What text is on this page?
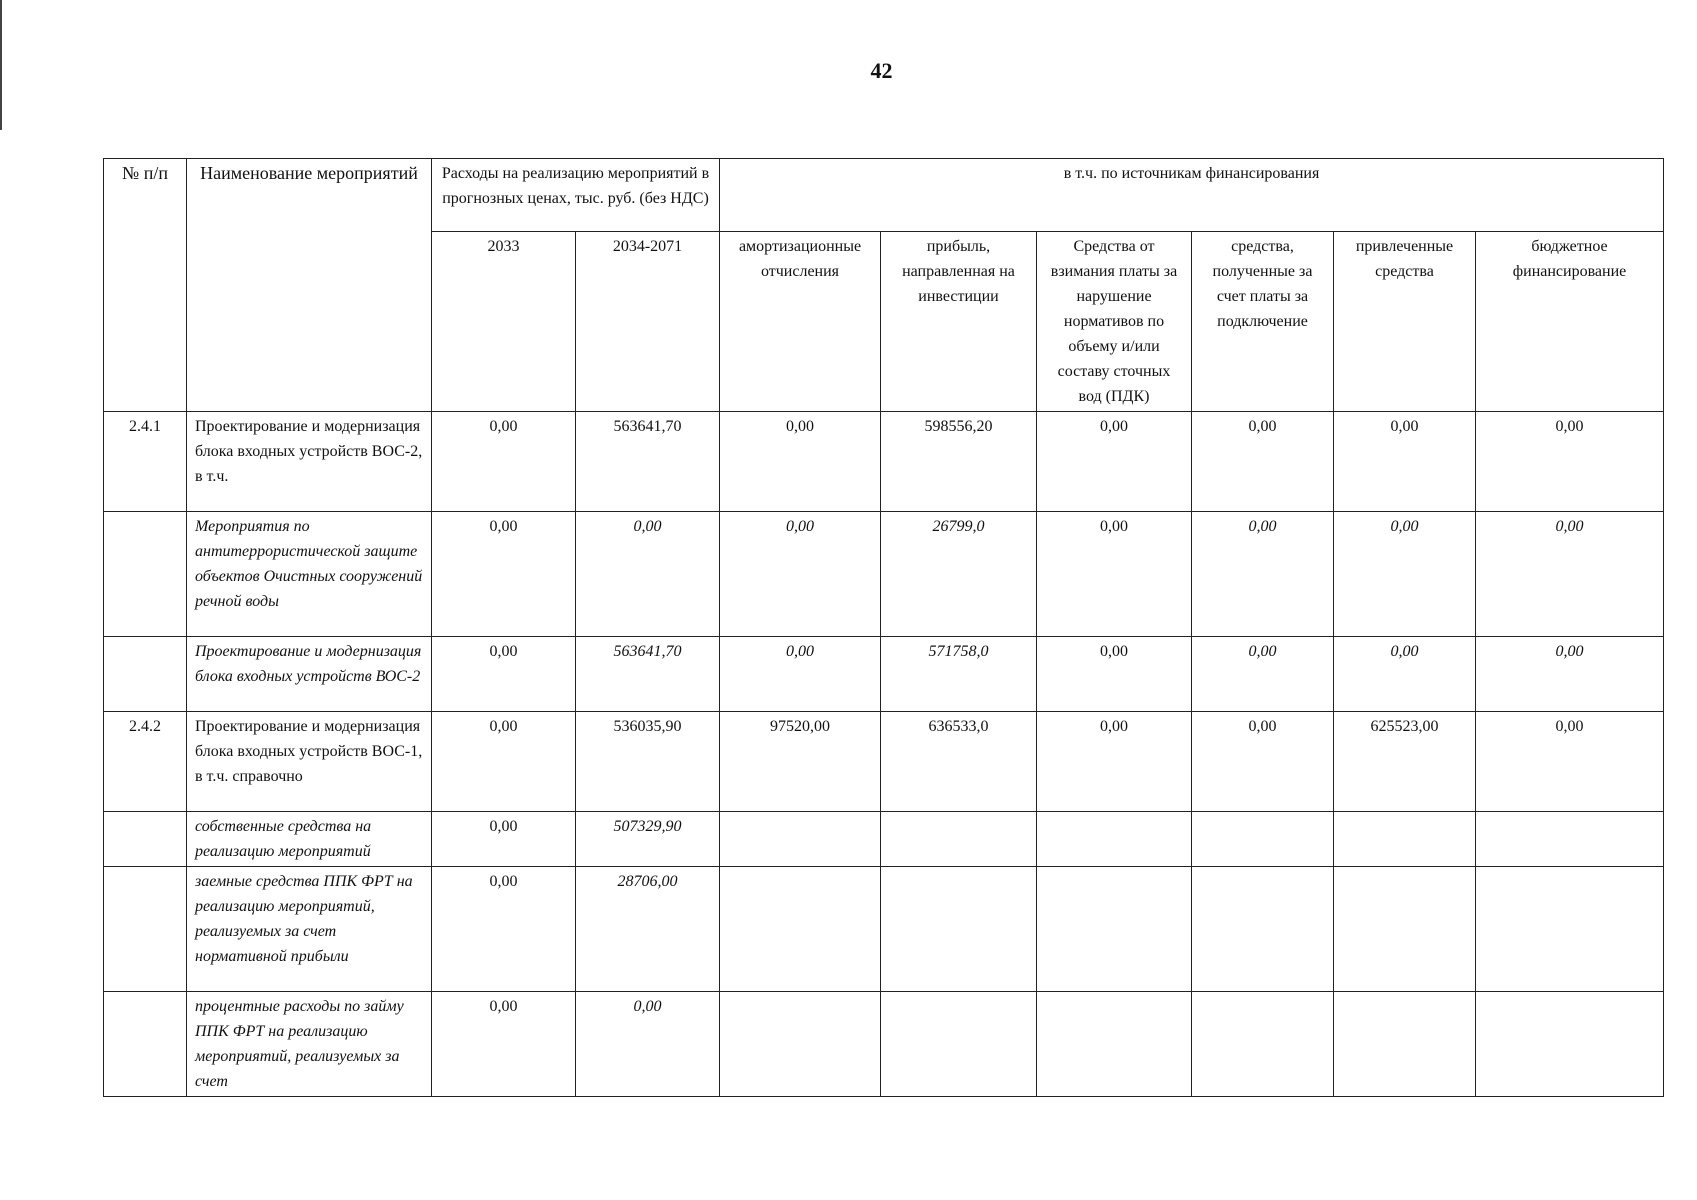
42
№ п/п	Наименование мероприятий	Расходы на реализацию мероприятий в прогнозных ценах, тыс. руб. (без НДС)		в т.ч. по источникам финансирования					
		2033	2034-2071	амортизационные отчисления	прибыль, направленная на инвестиции	Средства от взимания платы за нарушение нормативов по объему и/или составу сточных вод (ПДК)	средства, полученные за счет платы за подключение	привлеченные средства	бюджетное финансирование
2.4.1	Проектирование и модернизация блока входных устройств ВОС-2, в т.ч.	0,00	563641,70	0,00	598556,20	0,00	0,00	0,00	0,00
	Мероприятия по антитеррористической защите объектов Очистных сооружений речной воды	0,00	0,00	0,00	26799,0	0,00	0,00	0,00	0,00
	Проектирование и модернизация блока входных устройств ВОС-2	0,00	563641,70	0,00	571758,0	0,00	0,00	0,00	0,00
2.4.2	Проектирование и модернизация блока входных устройств ВОС-1, в т.ч. справочно	0,00	536035,90	97520,00	636533,0	0,00	0,00	625523,00	0,00
	собственные средства на реализацию мероприятий	0,00	507329,90						
	заемные средства ППК ФРТ на реализацию мероприятий, реализуемых за счет нормативной прибыли	0,00	28706,00						
	процентные расходы по займу ППК ФРТ на реализацию мероприятий, реализуемых за счет	0,00	0,00						
